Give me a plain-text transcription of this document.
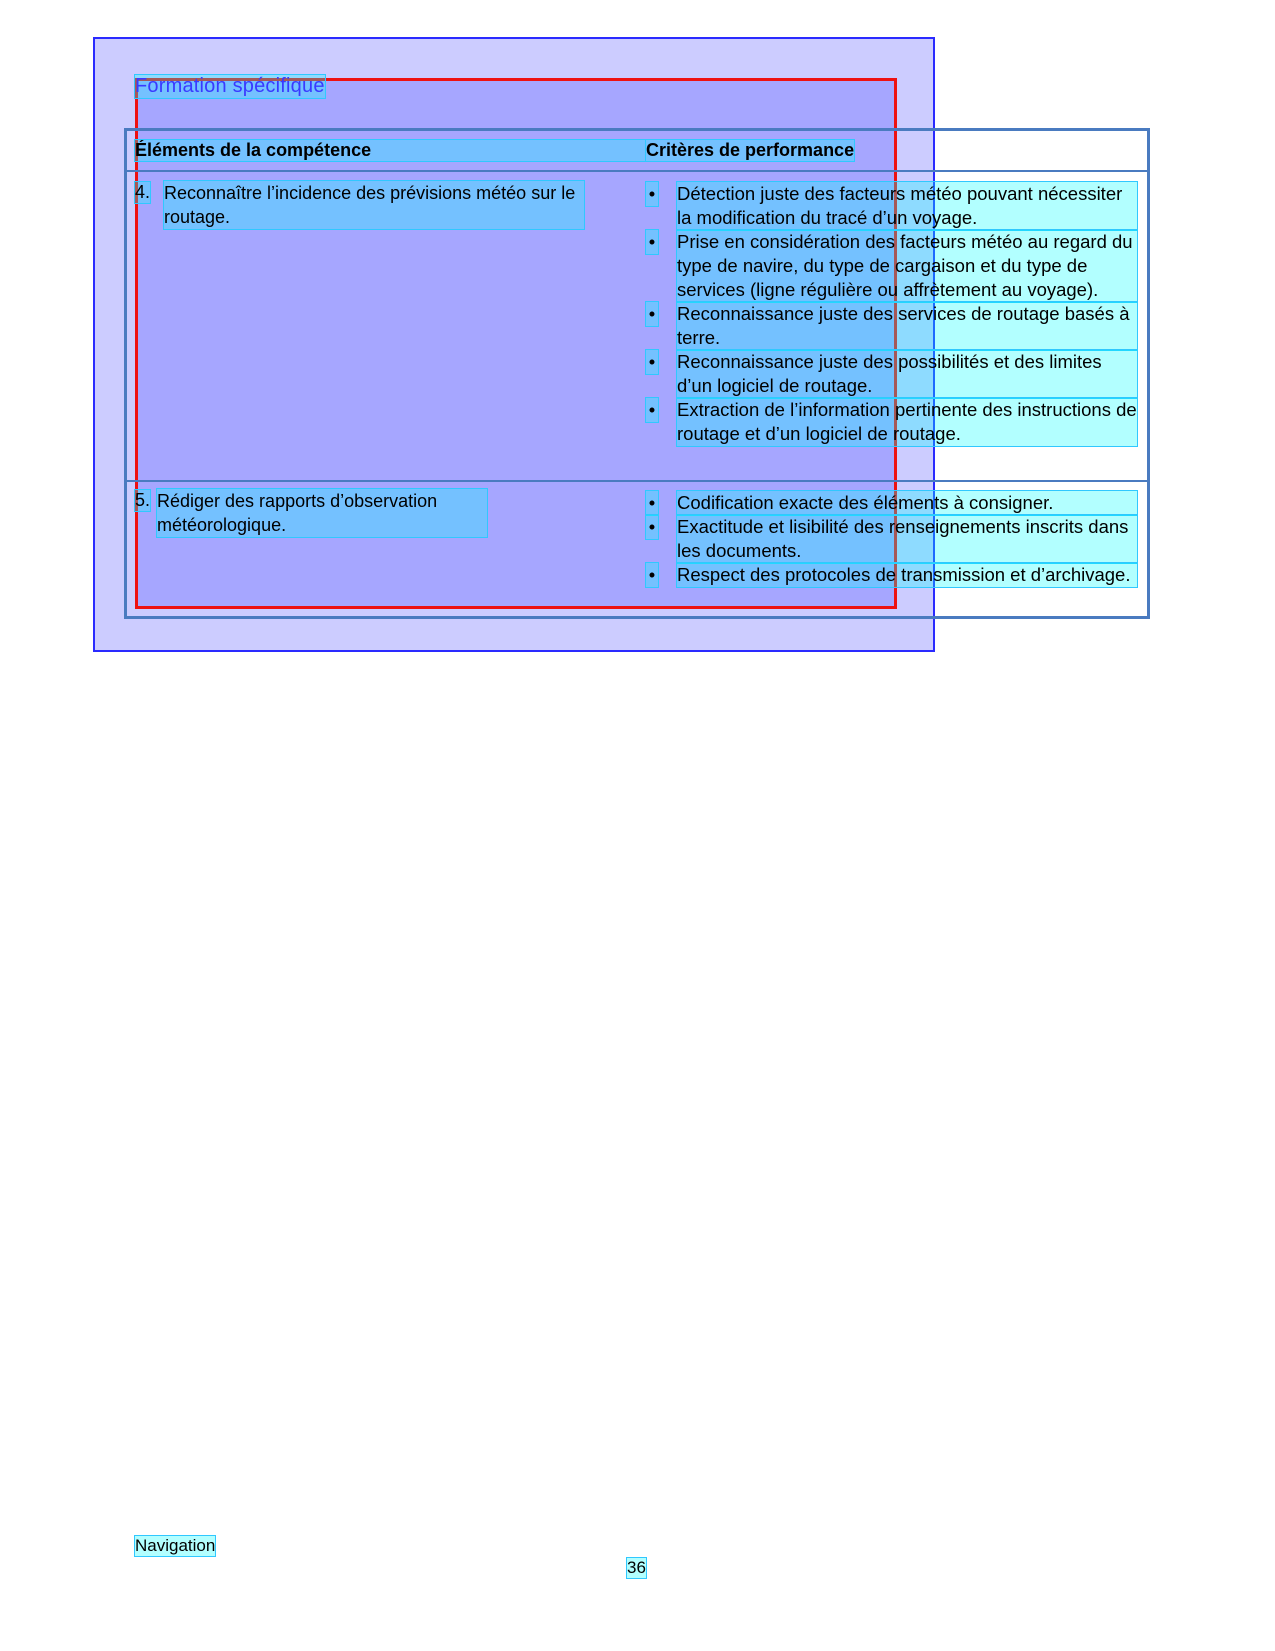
Formation spécifique
Éléments de la compétence	Critères de performance
4. Reconnaître l’incidence des prévisions météo sur le routage.
• Détection juste des facteurs météo pouvant nécessiter la modification du tracé d’un voyage.
• Prise en considération des facteurs météo au regard du type de navire, du type de cargaison et du type de services (ligne régulière ou affrètement au voyage).
• Reconnaissance juste des services de routage basés à terre.
• Reconnaissance juste des possibilités et des limites d’un logiciel de routage.
• Extraction de l’information pertinente des instructions de routage et d’un logiciel de routage.
5. Rédiger des rapports d’observation météorologique.
• Codification exacte des éléments à consigner.
• Exactitude et lisibilité des renseignements inscrits dans les documents.
• Respect des protocoles de transmission et d’archivage.
Navigation
36
